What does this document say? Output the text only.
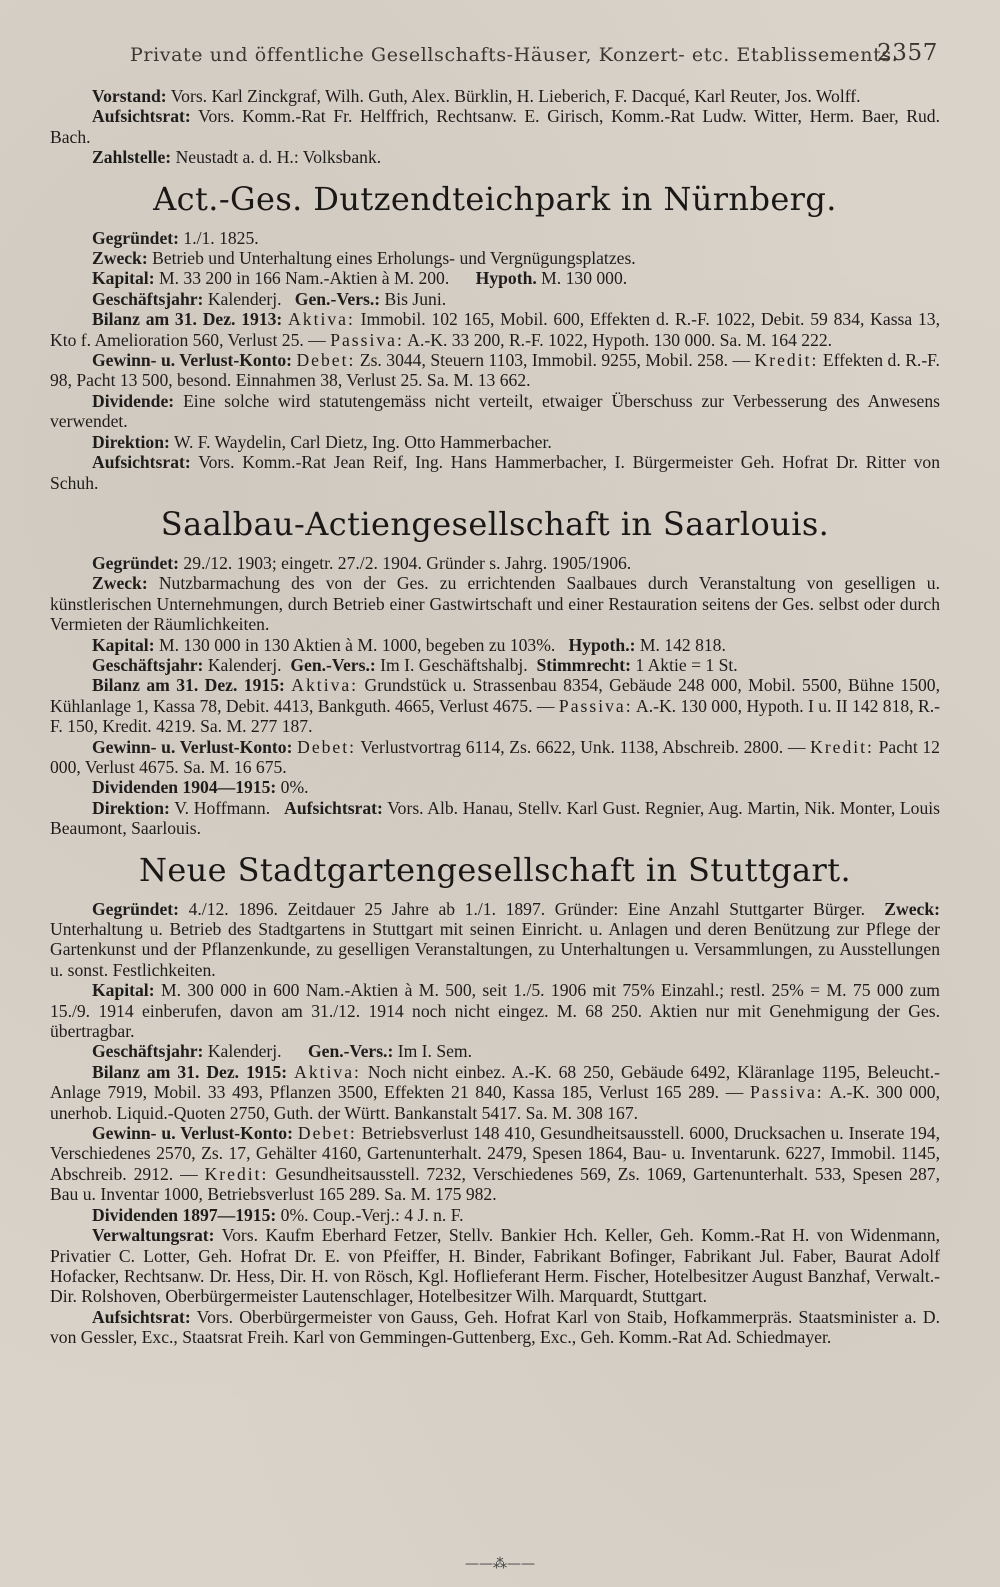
Private und öffentliche Gesellschafts-Häuser, Konzert- etc. Etablissements.
2357

Vorstand: Vors. Karl Zinckgraf, Wilh. Guth, Alex. Bürklin, H. Lieberich, F. Dacqué, Karl Reuter, Jos. Wolff.

Aufsichtsrat: Vors. Komm.-Rat Fr. Helffrich, Rechtsanw. E. Girisch, Komm.-Rat Ludw. Witter, Herm. Baer, Rud. Bach.

Zahlstelle: Neustadt a. d. H.: Volksbank.

Act.-Ges. Dutzendteichpark in Nürnberg.

Gegründet: 1./1. 1825.

Zweck: Betrieb und Unterhaltung eines Erholungs- und Vergnügungsplatzes.

Kapital: M. 33 200 in 166 Nam.-Aktien à M. 200. Hypoth. M. 130 000.

Geschäftsjahr: Kalenderj. Gen.-Vers.: Bis Juni.

Bilanz am 31. Dez. 1913: Aktiva: Immobil. 102 165, Mobil. 600, Effekten d. R.-F. 1022, Debit. 59 834, Kassa 13, Kto f. Amelioration 560, Verlust 25. — Passiva: A.-K. 33 200, R.-F. 1022, Hypoth. 130 000. Sa. M. 164 222.

Gewinn- u. Verlust-Konto: Debet: Zs. 3044, Steuern 1103, Immobil. 9255, Mobil. 258. — Kredit: Effekten d. R.-F. 98, Pacht 13 500, besond. Einnahmen 38, Verlust 25. Sa. M. 13 662.

Dividende: Eine solche wird statutengemäss nicht verteilt, etwaiger Überschuss zur Verbesserung des Anwesens verwendet.

Direktion: W. F. Waydelin, Carl Dietz, Ing. Otto Hammerbacher.

Aufsichtsrat: Vors. Komm.-Rat Jean Reif, Ing. Hans Hammerbacher, I. Bürgermeister Geh. Hofrat Dr. Ritter von Schuh.

Saalbau-Actiengesellschaft in Saarlouis.

Gegründet: 29./12. 1903; eingetr. 27./2. 1904. Gründer s. Jahrg. 1905/1906.

Zweck: Nutzbarmachung des von der Ges. zu errichtenden Saalbaues durch Veranstaltung von geselligen u. künstlerischen Unternehmungen, durch Betrieb einer Gastwirtschaft und einer Restauration seitens der Ges. selbst oder durch Vermieten der Räumlichkeiten.

Kapital: M. 130 000 in 130 Aktien à M. 1000, begeben zu 103%. Hypoth.: M. 142 818.

Geschäftsjahr: Kalenderj. Gen.-Vers.: Im I. Geschäftshalbj. Stimmrecht: 1 Aktie = 1 St.

Bilanz am 31. Dez. 1915: Aktiva: Grundstück u. Strassenbau 8354, Gebäude 248 000, Mobil. 5500, Bühne 1500, Kühlanlage 1, Kassa 78, Debit. 4413, Bankguth. 4665, Verlust 4675. — Passiva: A.-K. 130 000, Hypoth. I u. II 142 818, R.-F. 150, Kredit. 4219. Sa. M. 277 187.

Gewinn- u. Verlust-Konto: Debet: Verlustvortrag 6114, Zs. 6622, Unk. 1138, Abschreib. 2800. — Kredit: Pacht 12 000, Verlust 4675. Sa. M. 16 675.

Dividenden 1904—1915: 0%.

Direktion: V. Hoffmann. Aufsichtsrat: Vors. Alb. Hanau, Stellv. Karl Gust. Regnier, Aug. Martin, Nik. Monter, Louis Beaumont, Saarlouis.

Neue Stadtgartengesellschaft in Stuttgart.

Gegründet: 4./12. 1896. Zeitdauer 25 Jahre ab 1./1. 1897. Gründer: Eine Anzahl Stuttgarter Bürger. Zweck: Unterhaltung u. Betrieb des Stadtgartens in Stuttgart mit seinen Einricht. u. Anlagen und deren Benützung zur Pflege der Gartenkunst und der Pflanzenkunde, zu geselligen Veranstaltungen, zu Unterhaltungen u. Versammlungen, zu Ausstellungen u. sonst. Festlichkeiten.

Kapital: M. 300 000 in 600 Nam.-Aktien à M. 500, seit 1./5. 1906 mit 75% Einzahl.; restl. 25% = M. 75 000 zum 15./9. 1914 einberufen, davon am 31./12. 1914 noch nicht eingez. M. 68 250. Aktien nur mit Genehmigung der Ges. übertragbar.

Geschäftsjahr: Kalenderj. Gen.-Vers.: Im I. Sem.

Bilanz am 31. Dez. 1915: Aktiva: Noch nicht einbez. A.-K. 68 250, Gebäude 6492, Kläranlage 1195, Beleucht.-Anlage 7919, Mobil. 33 493, Pflanzen 3500, Effekten 21 840, Kassa 185, Verlust 165 289. — Passiva: A.-K. 300 000, unerhob. Liquid.-Quoten 2750, Guth. der Württ. Bankanstalt 5417. Sa. M. 308 167.

Gewinn- u. Verlust-Konto: Debet: Betriebsverlust 148 410, Gesundheitsausstell. 6000, Drucksachen u. Inserate 194, Verschiedenes 2570, Zs. 17, Gehälter 4160, Gartenunterhalt. 2479, Spesen 1864, Bau- u. Inventarunk. 6227, Immobil. 1145, Abschreib. 2912. — Kredit: Gesundheitsausstell. 7232, Verschiedenes 569, Zs. 1069, Gartenunterhalt. 533, Spesen 287, Bau u. Inventar 1000, Betriebsverlust 165 289. Sa. M. 175 982.

Dividenden 1897—1915: 0%. Coup.-Verj.: 4 J. n. F.

Verwaltungsrat: Vors. Kaufm Eberhard Fetzer, Stellv. Bankier Hch. Keller, Geh. Komm.-Rat H. von Widenmann, Privatier C. Lotter, Geh. Hofrat Dr. E. von Pfeiffer, H. Binder, Fabrikant Bofinger, Fabrikant Jul. Faber, Baurat Adolf Hofacker, Rechtsanw. Dr. Hess, Dir. H. von Rösch, Kgl. Hoflieferant Herm. Fischer, Hotelbesitzer August Banzhaf, Verwalt.-Dir. Rolshoven, Oberbürgermeister Lautenschlager, Hotelbesitzer Wilh. Marquardt, Stuttgart.

Aufsichtsrat: Vors. Oberbürgermeister von Gauss, Geh. Hofrat Karl von Staib, Hofkammerpräs. Staatsminister a. D. von Gessler, Exc., Staatsrat Freih. Karl von Gemmingen-Guttenberg, Exc., Geh. Komm.-Rat Ad. Schiedmayer.

——⁂——
